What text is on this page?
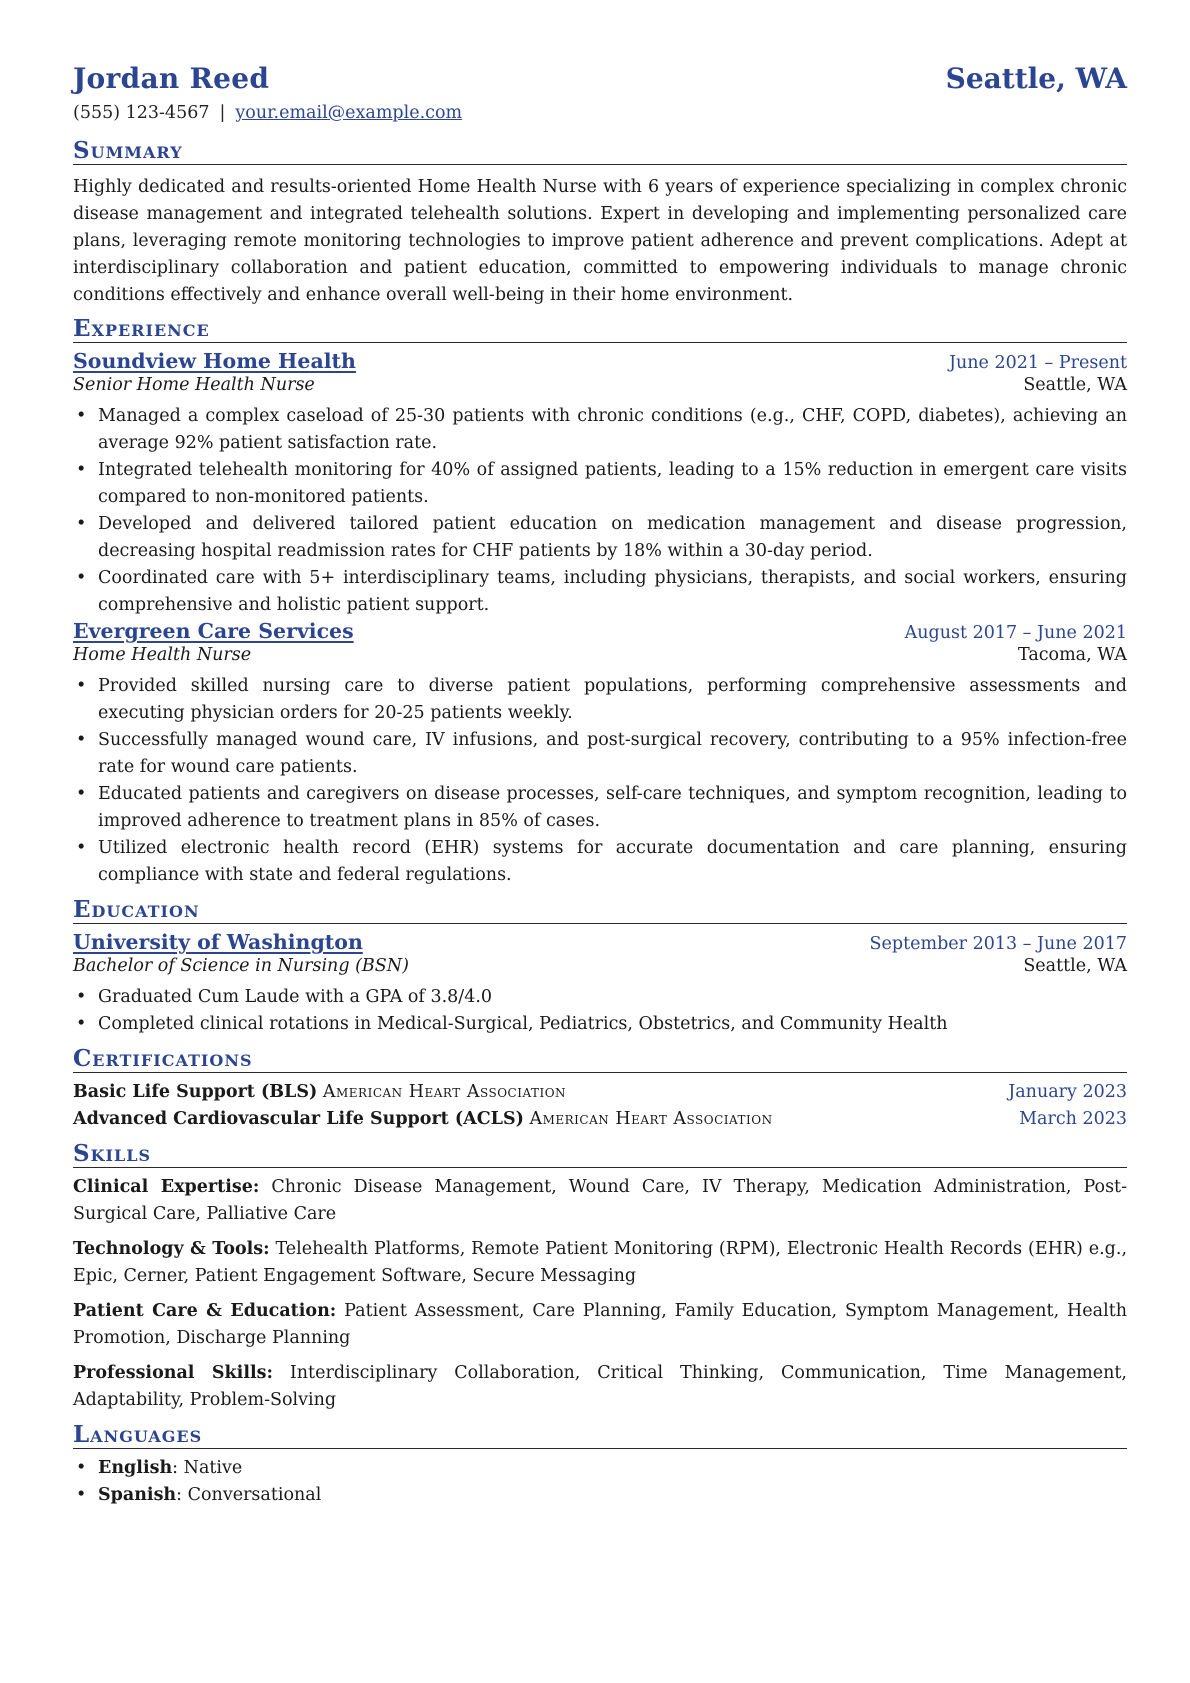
Jordan Reed	Seattle, WA
(555) 123-4567 | your.email@example.com
Summary
Highly dedicated and results-oriented Home Health Nurse with 6 years of experience specializing in complex chronic disease management and integrated telehealth solutions. Expert in developing and implementing personalized care plans, leveraging remote monitoring technologies to improve patient adherence and prevent complications. Adept at interdisciplinary collaboration and patient education, committed to empowering individuals to manage chronic conditions effectively and enhance overall well-being in their home environment.
Experience
Soundview Home Health	June 2021 – Present
Senior Home Health Nurse	Seattle, WA
• Managed a complex caseload of 25-30 patients with chronic conditions (e.g., CHF, COPD, diabetes), achieving an average 92% patient satisfaction rate.
• Integrated telehealth monitoring for 40% of assigned patients, leading to a 15% reduction in emergent care visits compared to non-monitored patients.
• Developed and delivered tailored patient education on medication management and disease progression, decreasing hospital readmission rates for CHF patients by 18% within a 30-day period.
• Coordinated care with 5+ interdisciplinary teams, including physicians, therapists, and social workers, ensuring comprehensive and holistic patient support.
Evergreen Care Services	August 2017 – June 2021
Home Health Nurse	Tacoma, WA
• Provided skilled nursing care to diverse patient populations, performing comprehensive assessments and executing physician orders for 20-25 patients weekly.
• Successfully managed wound care, IV infusions, and post-surgical recovery, contributing to a 95% infection-free rate for wound care patients.
• Educated patients and caregivers on disease processes, self-care techniques, and symptom recognition, leading to improved adherence to treatment plans in 85% of cases.
• Utilized electronic health record (EHR) systems for accurate documentation and care planning, ensuring compliance with state and federal regulations.
Education
University of Washington	September 2013 – June 2017
Bachelor of Science in Nursing (BSN)	Seattle, WA
• Graduated Cum Laude with a GPA of 3.8/4.0
• Completed clinical rotations in Medical-Surgical, Pediatrics, Obstetrics, and Community Health
Certifications
Basic Life Support (BLS) American Heart Association	January 2023
Advanced Cardiovascular Life Support (ACLS) American Heart Association	March 2023
Skills
Clinical Expertise: Chronic Disease Management, Wound Care, IV Therapy, Medication Administration, Post-Surgical Care, Palliative Care
Technology & Tools: Telehealth Platforms, Remote Patient Monitoring (RPM), Electronic Health Records (EHR) e.g., Epic, Cerner, Patient Engagement Software, Secure Messaging
Patient Care & Education: Patient Assessment, Care Planning, Family Education, Symptom Management, Health Promotion, Discharge Planning
Professional Skills: Interdisciplinary Collaboration, Critical Thinking, Communication, Time Management, Adaptability, Problem-Solving
Languages
• English: Native
• Spanish: Conversational
